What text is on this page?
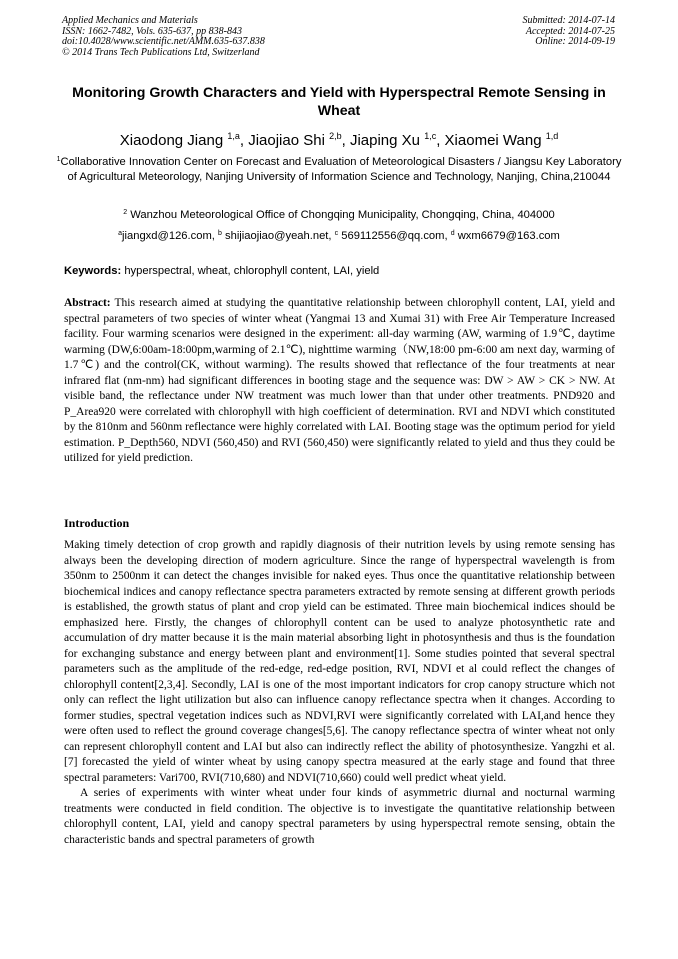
Applied Mechanics and Materials
ISSN: 1662-7482, Vols. 635-637, pp 838-843
doi:10.4028/www.scientific.net/AMM.635-637.838
© 2014 Trans Tech Publications Ltd, Switzerland
Submitted: 2014-07-14
Accepted: 2014-07-25
Online: 2014-09-19
Monitoring Growth Characters and Yield with Hyperspectral Remote Sensing in Wheat
Xiaodong Jiang $^{1,a}$, Jiaojiao Shi $^{2,b}$, Jiaping Xu $^{1,c}$, Xiaomei Wang $^{1,d}$
$^1$Collaborative Innovation Center on Forecast and Evaluation of Meteorological Disasters / Jiangsu Key Laboratory of Agricultural Meteorology, Nanjing University of Information Science and Technology, Nanjing, China,210044
$^2$ Wanzhou Meteorological Office of Chongqing Municipality, Chongqing, China, 404000
$^a$jiangxd@126.com, $^b$ shijiaojiao@yeah.net, $^c$ 569112556@qq.com, $^d$ wxm6679@163.com
Keywords: hyperspectral, wheat, chlorophyll content, LAI, yield
Abstract: This research aimed at studying the quantitative relationship between chlorophyll content, LAI, yield and spectral parameters of two species of winter wheat (Yangmai 13 and Xumai 31) with Free Air Temperature Increased facility. Four warming scenarios were designed in the experiment: all-day warming (AW, warming of 1.9℃, daytime warming (DW,6:00am-18:00pm,warming of 2.1℃), nighttime warming（NW,18:00 pm-6:00 am next day, warming of 1.7℃) and the control(CK, without warming). The results showed that reflectance of the four treatments at near infrared flat (nm-nm) had significant differences in booting stage and the sequence was: DW > AW > CK > NW. At visible band, the reflectance under NW treatment was much lower than that under other treatments. PND920 and P_Area920 were correlated with chlorophyll with high coefficient of determination. RVI and NDVI which constituted by the 810nm and 560nm reflectance were highly correlated with LAI. Booting stage was the optimum period for yield estimation. P_Depth560, NDVI (560,450) and RVI (560,450) were significantly related to yield and thus they could be utilized for yield prediction.
Introduction

Making timely detection of crop growth and rapidly diagnosis of their nutrition levels by using remote sensing has always been the developing direction of modern agriculture. Since the range of hyperspectral wavelength is from 350nm to 2500nm it can detect the changes invisible for naked eyes. Thus once the quantitative relationship between biochemical indices and canopy reflectance spectra parameters extracted by remote sensing at different growth periods is established, the growth status of plant and crop yield can be estimated. Three main biochemical indices should be emphasized here. Firstly, the changes of chlorophyll content can be used to analyze photosynthetic rate and accumulation of dry matter because it is the main material absorbing light in photosynthesis and thus is the foundation for exchanging substance and energy between plant and environment[1]. Some studies pointed that several spectral parameters such as the amplitude of the red-edge, red-edge position, RVI, NDVI et al could reflect the changes of chlorophyll content[2,3,4]. Secondly, LAI is one of the most important indicators for crop canopy structure which not only can reflect the light utilization but also can influence canopy reflectance spectra when it changes. According to former studies, spectral vegetation indices such as NDVI,RVI were significantly correlated with LAI,and hence they were often used to reflect the ground coverage changes[5,6]. The canopy reflectance spectra of winter wheat not only can represent chlorophyll content and LAI but also can indirectly reflect the ability of photosynthesize. Yangzhi et al. [7] forecasted the yield of winter wheat by using canopy spectra measured at the early stage and found that three spectral parameters: Vari700, RVI(710,680) and NDVI(710,660) could well predict wheat yield.

A series of experiments with winter wheat under four kinds of asymmetric diurnal and nocturnal warming treatments were conducted in field condition. The objective is to investigate the quantitative relationship between chlorophyll content, LAI, yield and canopy spectral parameters by using hyperspectral remote sensing, obtain the characteristic bands and spectral parameters of growth
